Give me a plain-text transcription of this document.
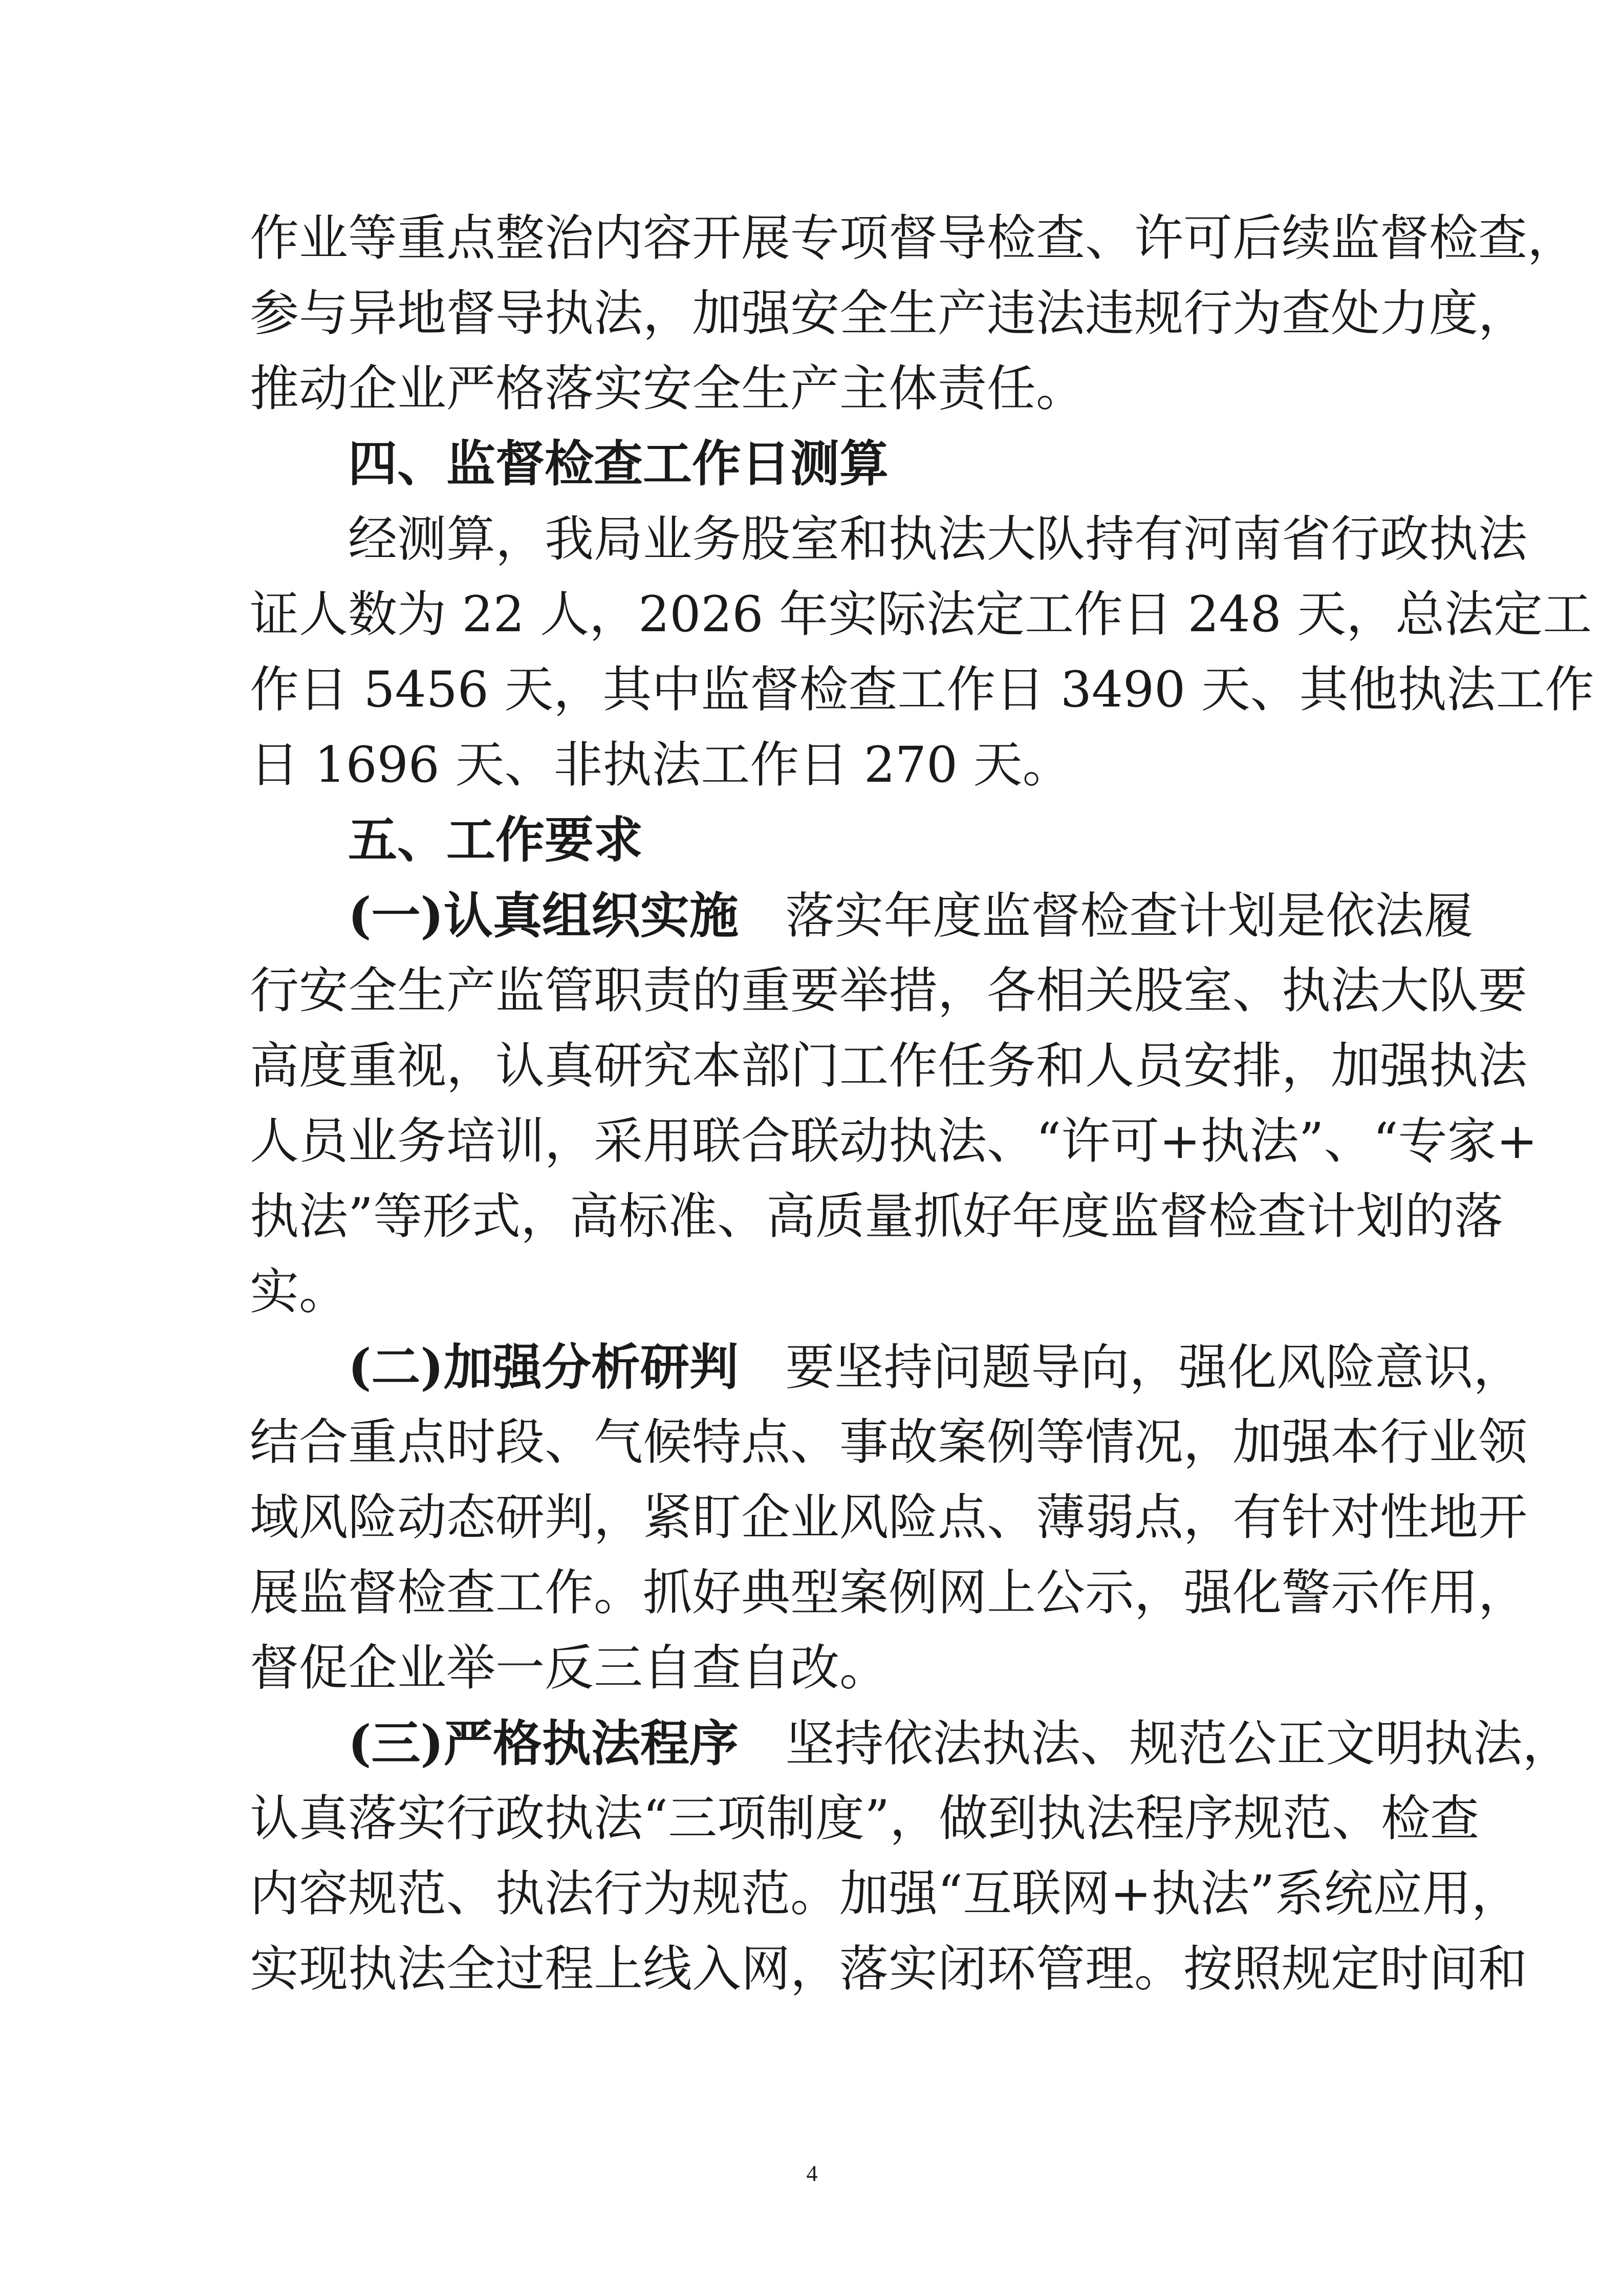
作业等重点整治内容开展专项督导检查、许可后续监督检查，
参与异地督导执法，加强安全生产违法违规行为查处力度，
推动企业严格落实安全生产主体责任。
四、监督检查工作日测算
经测算，我局业务股室和执法大队持有河南省行政执法
证人数为 22 人，2026 年实际法定工作日 248 天，总法定工
作日 5456 天，其中监督检查工作日 3490 天、其他执法工作
日 1696 天、非执法工作日 270 天。
五、工作要求
(一)认真组织实施 落实年度监督检查计划是依法履
行安全生产监管职责的重要举措，各相关股室、执法大队要
高度重视，认真研究本部门工作任务和人员安排，加强执法
人员业务培训，采用联合联动执法、“许可+执法”、“专家+
执法”等形式，高标准、高质量抓好年度监督检查计划的落
实。
(二)加强分析研判 要坚持问题导向，强化风险意识，
结合重点时段、气候特点、事故案例等情况，加强本行业领
域风险动态研判，紧盯企业风险点、薄弱点，有针对性地开
展监督检查工作。抓好典型案例网上公示，强化警示作用，
督促企业举一反三自查自改。
(三)严格执法程序 坚持依法执法、规范公正文明执法，
认真落实行政执法“三项制度”，做到执法程序规范、检查
内容规范、执法行为规范。加强“互联网+执法”系统应用，
实现执法全过程上线入网，落实闭环管理。按照规定时间和
4
